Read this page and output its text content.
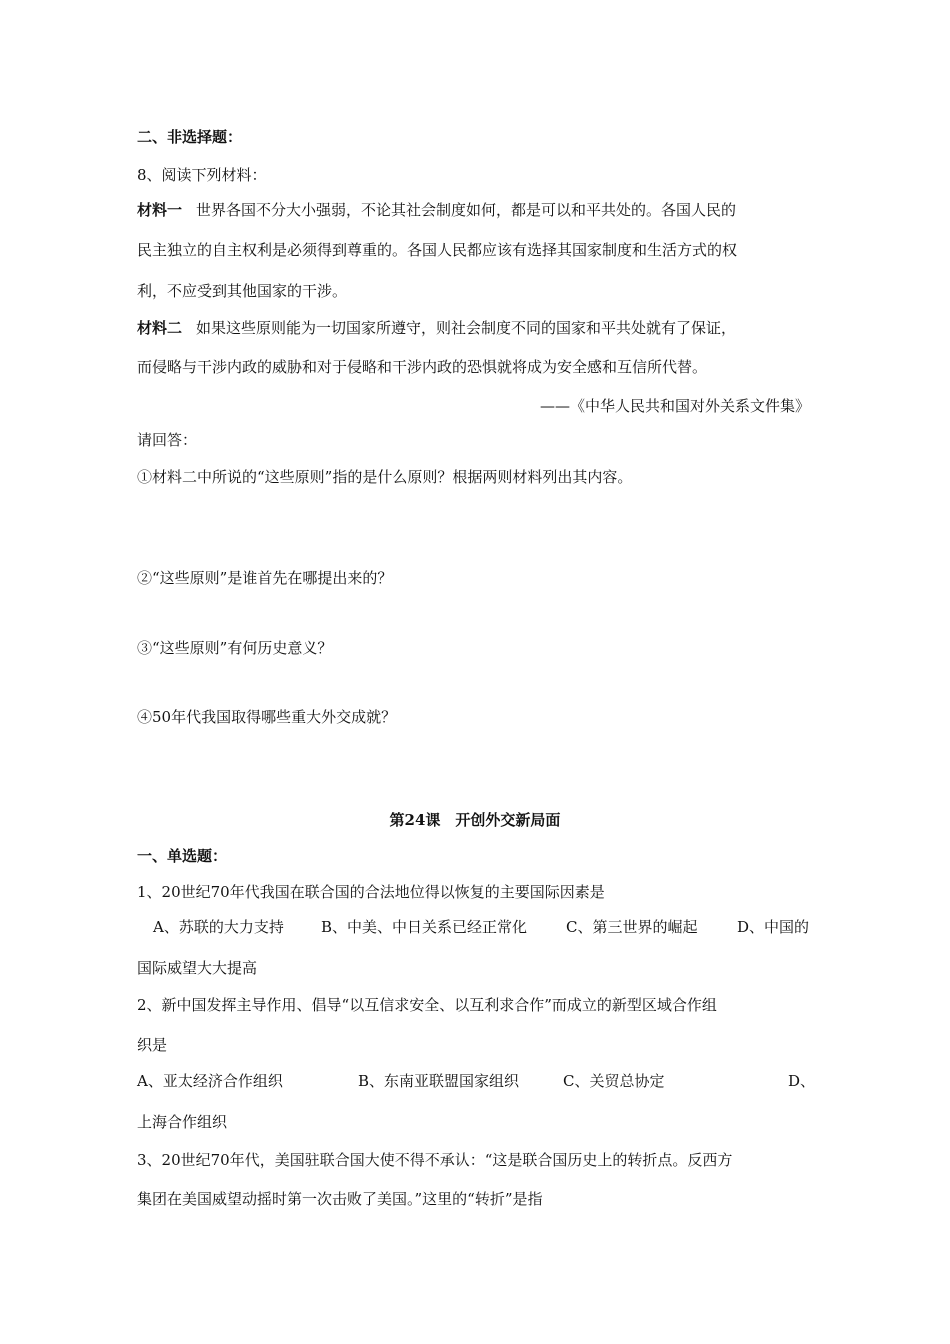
二、非选择题：
8、阅读下列材料：
材料一 世界各国不分大小强弱，不论其社会制度如何，都是可以和平共处的。各国人民的
民主独立的自主权利是必须得到尊重的。各国人民都应该有选择其国家制度和生活方式的权
利，不应受到其他国家的干涉。
材料二 如果这些原则能为一切国家所遵守，则社会制度不同的国家和平共处就有了保证，
而侵略与干涉内政的威胁和对于侵略和干涉内政的恐惧就将成为安全感和互信所代替。
——《中华人民共和国对外关系文件集》
请回答：
①材料二中所说的“这些原则”指的是什么原则？根据两则材料列出其内容。
②“这些原则”是谁首先在哪提出来的？
③“这些原则”有何历史意义？
④50年代我国取得哪些重大外交成就？
第24课　开创外交新局面
一、单选题：
1、20世纪70年代我国在联合国的合法地位得以恢复的主要国际因素是
A、苏联的大力支持 B、中美、中日关系已经正常化	C、第三世界的崛起	D、中国的
国际威望大大提高
2、新中国发挥主导作用、倡导“以互信求安全、以互利求合作”而成立的新型区域合作组
织是
A、亚太经济合作组织	B、东南亚联盟国家组织	C、关贸总协定	D、
上海合作组织
3、20世纪70年代，美国驻联合国大使不得不承认：“这是联合国历史上的转折点。反西方
集团在美国威望动摇时第一次击败了美国。”这里的“转折”是指
